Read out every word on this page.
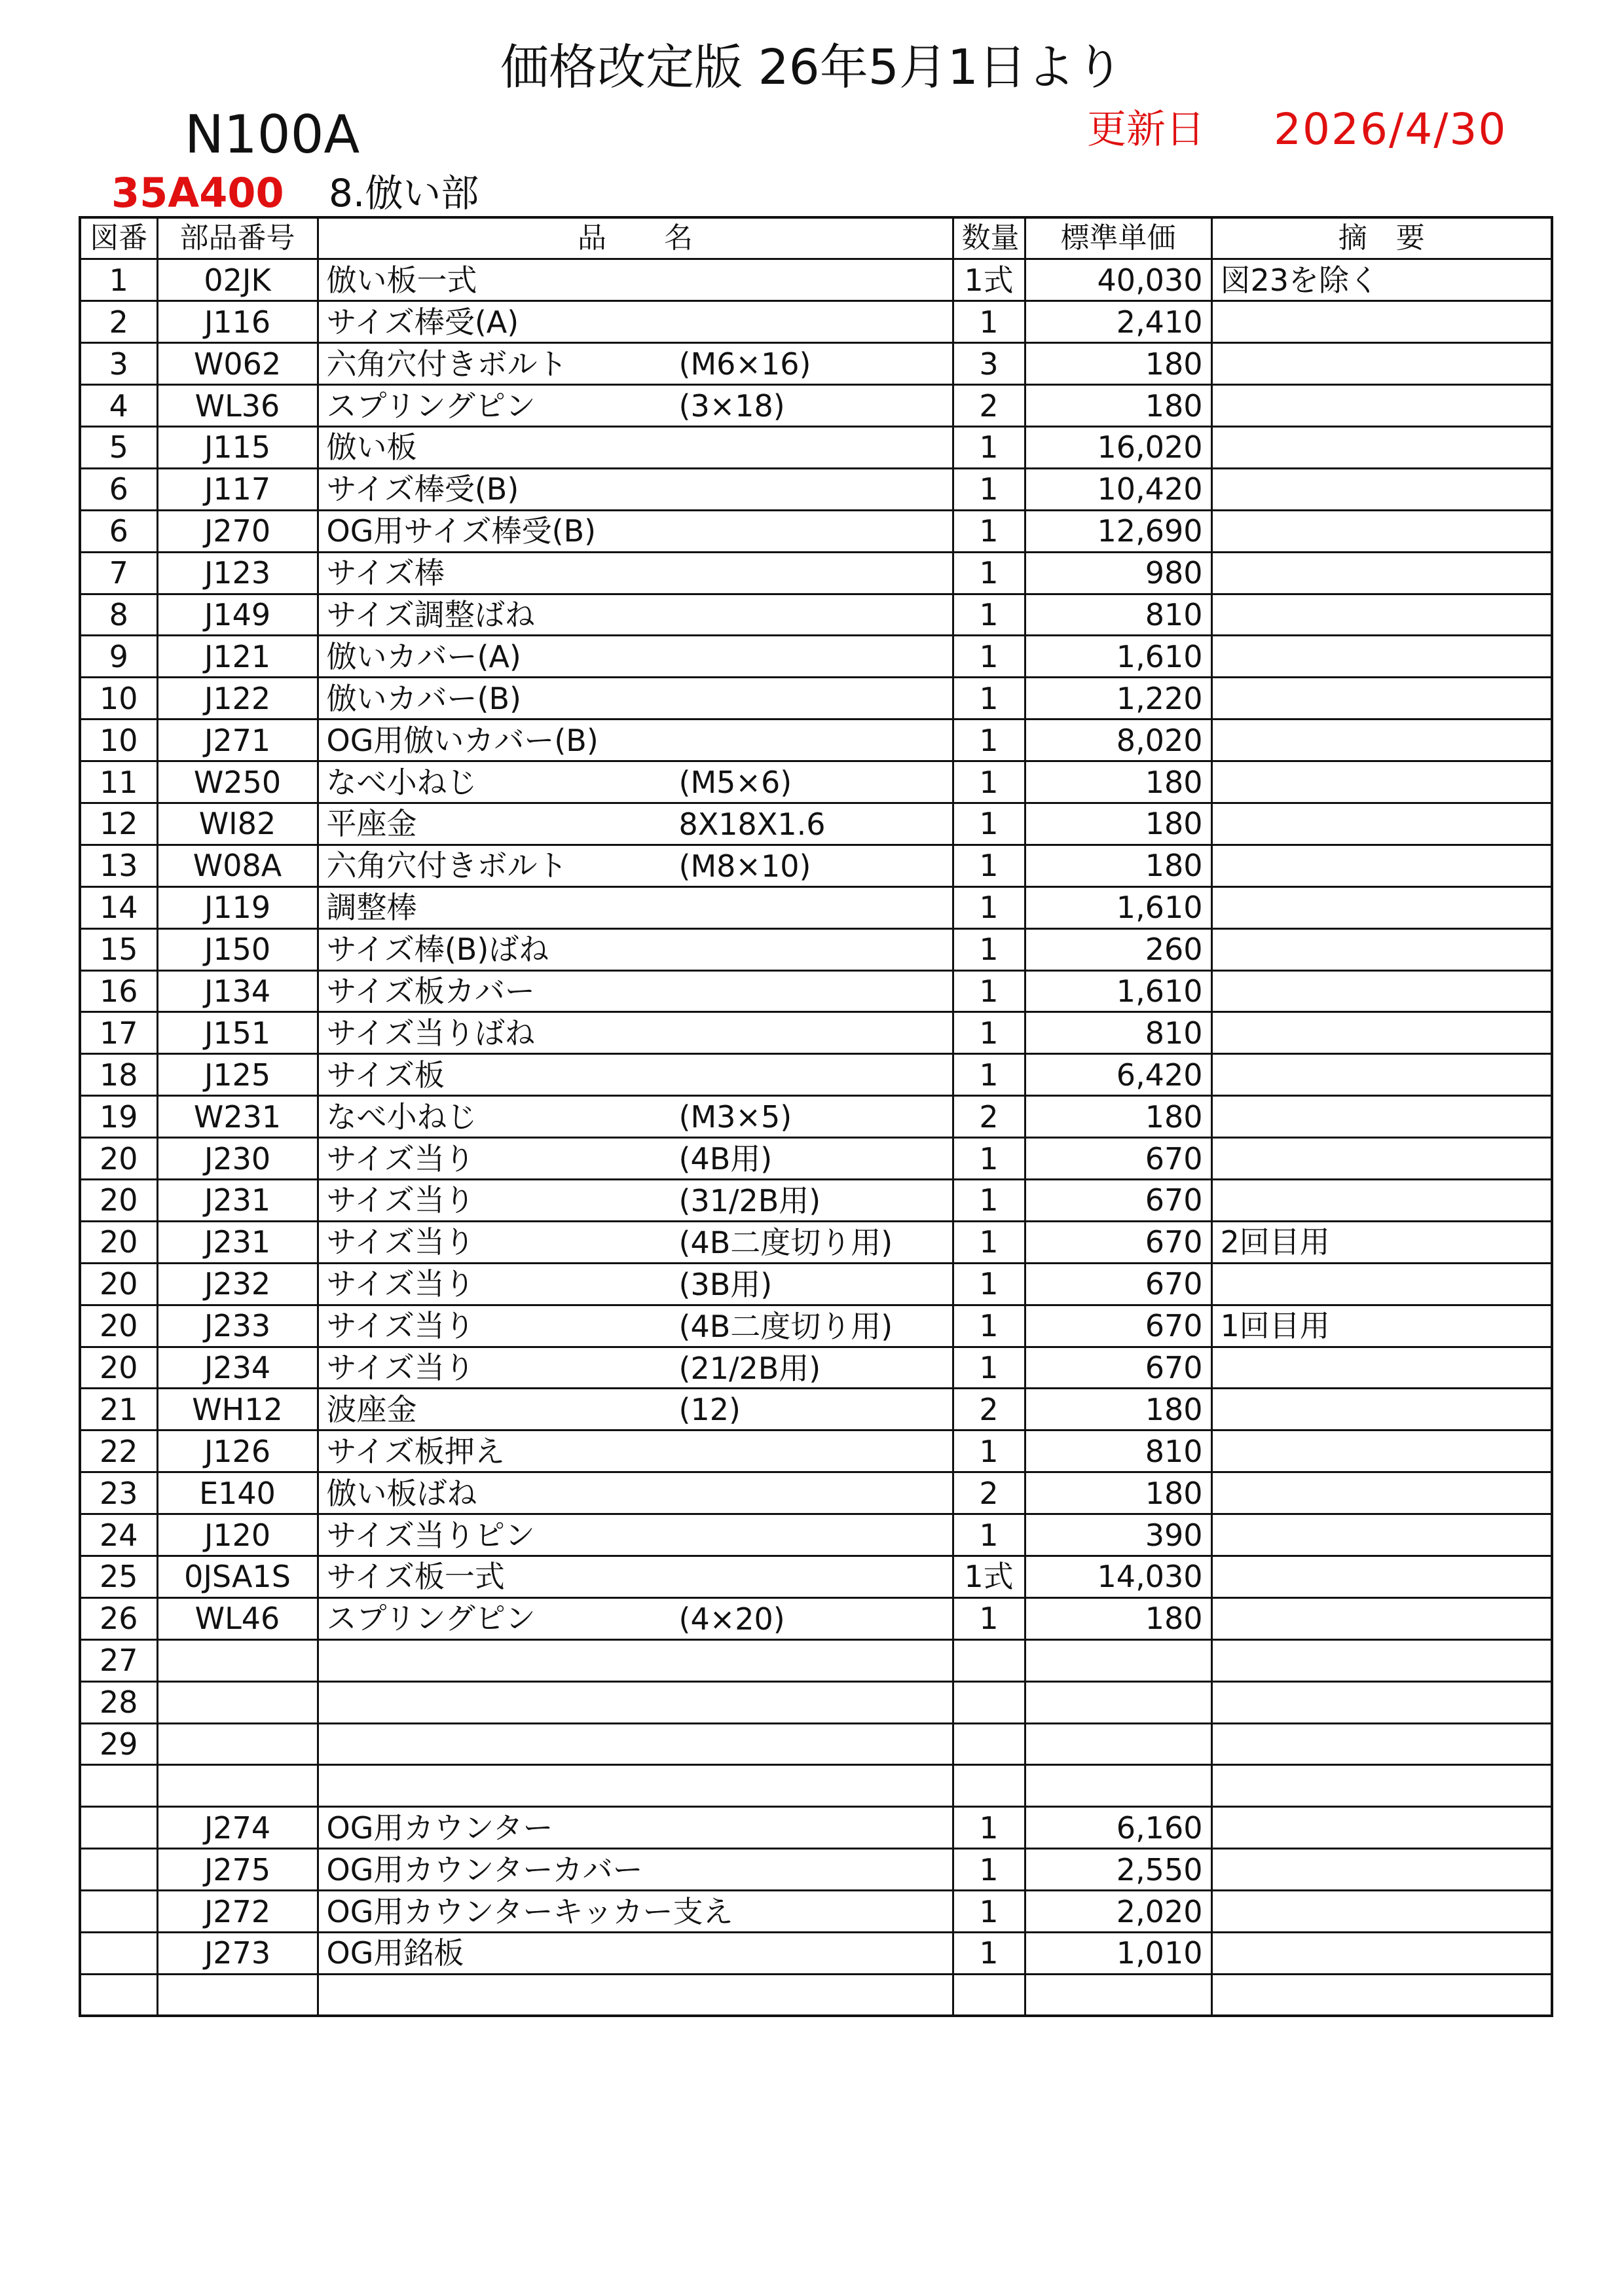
価格改定版 26年5月1日より
N100A	更新日 2026/4/30
35A400 8.倣い部
図番	部品番号	品　　名	数量	標準単価	摘　要
1	02JK	倣い板一式	1式	40,030	図23を除く
2	J116	サイズ棒受(A)	1	2,410	
3	W062	六角穴付きボルト (M6×16)	3	180	
4	WL36	スプリングピン (3×18)	2	180	
5	J115	倣い板	1	16,020	
6	J117	サイズ棒受(B)	1	10,420	
6	J270	OG用サイズ棒受(B)	1	12,690	
7	J123	サイズ棒	1	980	
8	J149	サイズ調整ばね	1	810	
9	J121	倣いカバー(A)	1	1,610	
10	J122	倣いカバー(B)	1	1,220	
10	J271	OG用倣いカバー(B)	1	8,020	
11	W250	なべ小ねじ (M5×6)	1	180	
12	WI82	平座金 8X18X1.6	1	180	
13	W08A	六角穴付きボルト (M8×10)	1	180	
14	J119	調整棒	1	1,610	
15	J150	サイズ棒(B)ばね	1	260	
16	J134	サイズ板カバー	1	1,610	
17	J151	サイズ当りばね	1	810	
18	J125	サイズ板	1	6,420	
19	W231	なべ小ねじ (M3×5)	2	180	
20	J230	サイズ当り (4B用)	1	670	
20	J231	サイズ当り (31/2B用)	1	670	
20	J231	サイズ当り (4B二度切り用)	1	670	2回目用
20	J232	サイズ当り (3B用)	1	670	
20	J233	サイズ当り (4B二度切り用)	1	670	1回目用
20	J234	サイズ当り (21/2B用)	1	670	
21	WH12	波座金 (12)	2	180	
22	J126	サイズ板押え	1	810	
23	E140	倣い板ばね	2	180	
24	J120	サイズ当りピン	1	390	
25	0JSA1S	サイズ板一式	1式	14,030	
26	WL46	スプリングピン (4×20)	1	180	
27		

28		

29		

	J274	OG用カウンター	1	6,160	
	J275	OG用カウンターカバー	1	2,550	
	J272	OG用カウンターキッカー支え	1	2,020	
	J273	OG用銘板	1	1,010	
